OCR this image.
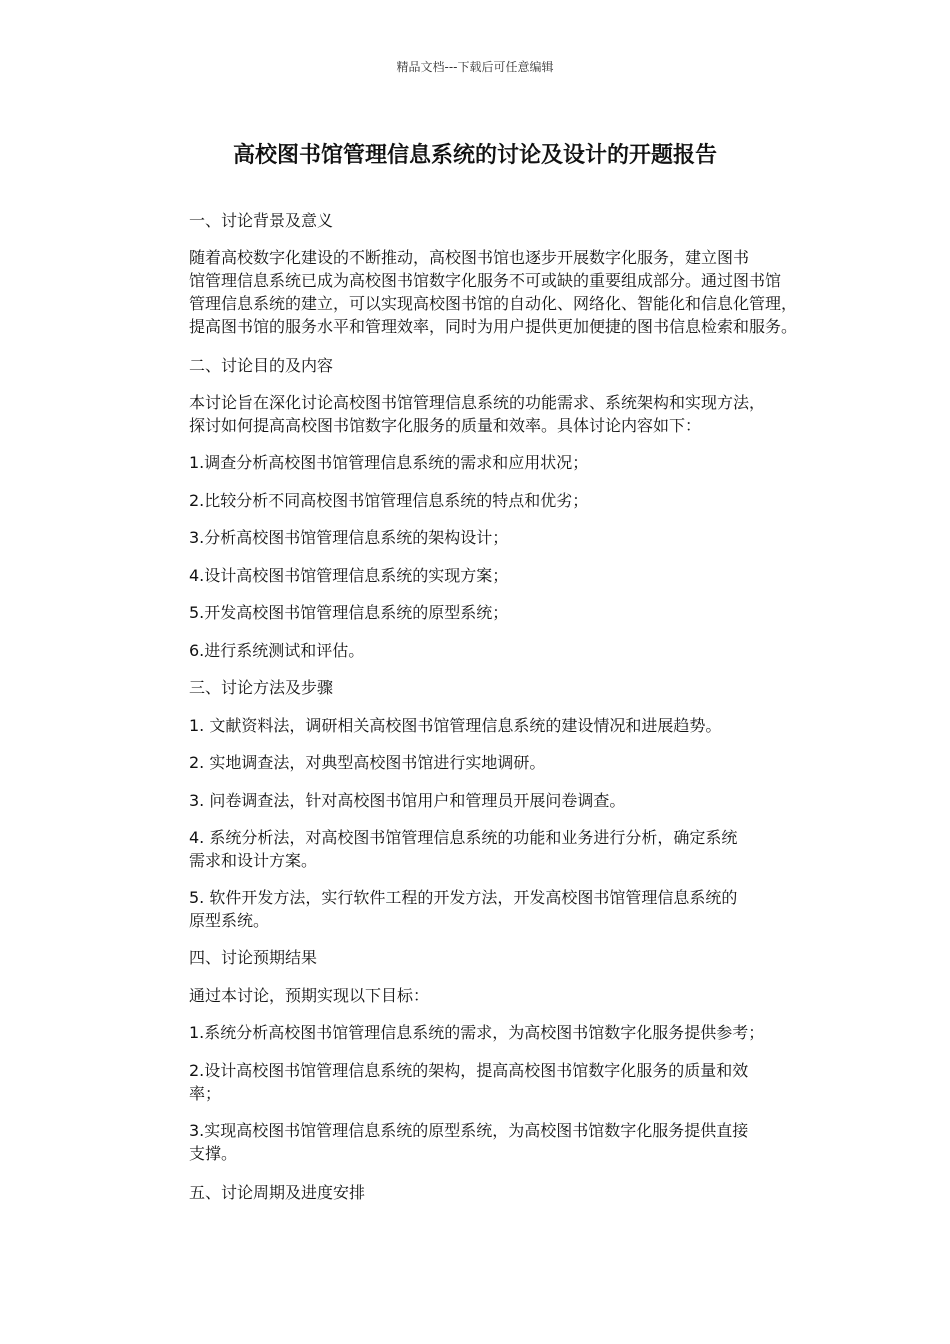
精品文档---下载后可任意编辑
高校图书馆管理信息系统的讨论及设计的开题报告
一、讨论背景及意义
随着高校数字化建设的不断推动，高校图书馆也逐步开展数字化服务，建立图书
馆管理信息系统已成为高校图书馆数字化服务不可或缺的重要组成部分。通过图书馆
管理信息系统的建立，可以实现高校图书馆的自动化、网络化、智能化和信息化管理，
提高图书馆的服务水平和管理效率，同时为用户提供更加便捷的图书信息检索和服务。
二、讨论目的及内容
本讨论旨在深化讨论高校图书馆管理信息系统的功能需求、系统架构和实现方法，
探讨如何提高高校图书馆数字化服务的质量和效率。具体讨论内容如下：
1.调查分析高校图书馆管理信息系统的需求和应用状况；
2.比较分析不同高校图书馆管理信息系统的特点和优劣；
3.分析高校图书馆管理信息系统的架构设计；
4.设计高校图书馆管理信息系统的实现方案；
5.开发高校图书馆管理信息系统的原型系统；
6.进行系统测试和评估。
三、讨论方法及步骤
1. 文献资料法，调研相关高校图书馆管理信息系统的建设情况和进展趋势。
2. 实地调查法，对典型高校图书馆进行实地调研。
3. 问卷调查法，针对高校图书馆用户和管理员开展问卷调查。
4. 系统分析法，对高校图书馆管理信息系统的功能和业务进行分析，确定系统
需求和设计方案。
5. 软件开发方法，实行软件工程的开发方法，开发高校图书馆管理信息系统的
原型系统。
四、讨论预期结果
通过本讨论，预期实现以下目标：
1.系统分析高校图书馆管理信息系统的需求，为高校图书馆数字化服务提供参考；
2.设计高校图书馆管理信息系统的架构，提高高校图书馆数字化服务的质量和效
率；
3.实现高校图书馆管理信息系统的原型系统，为高校图书馆数字化服务提供直接
支撑。
五、讨论周期及进度安排
